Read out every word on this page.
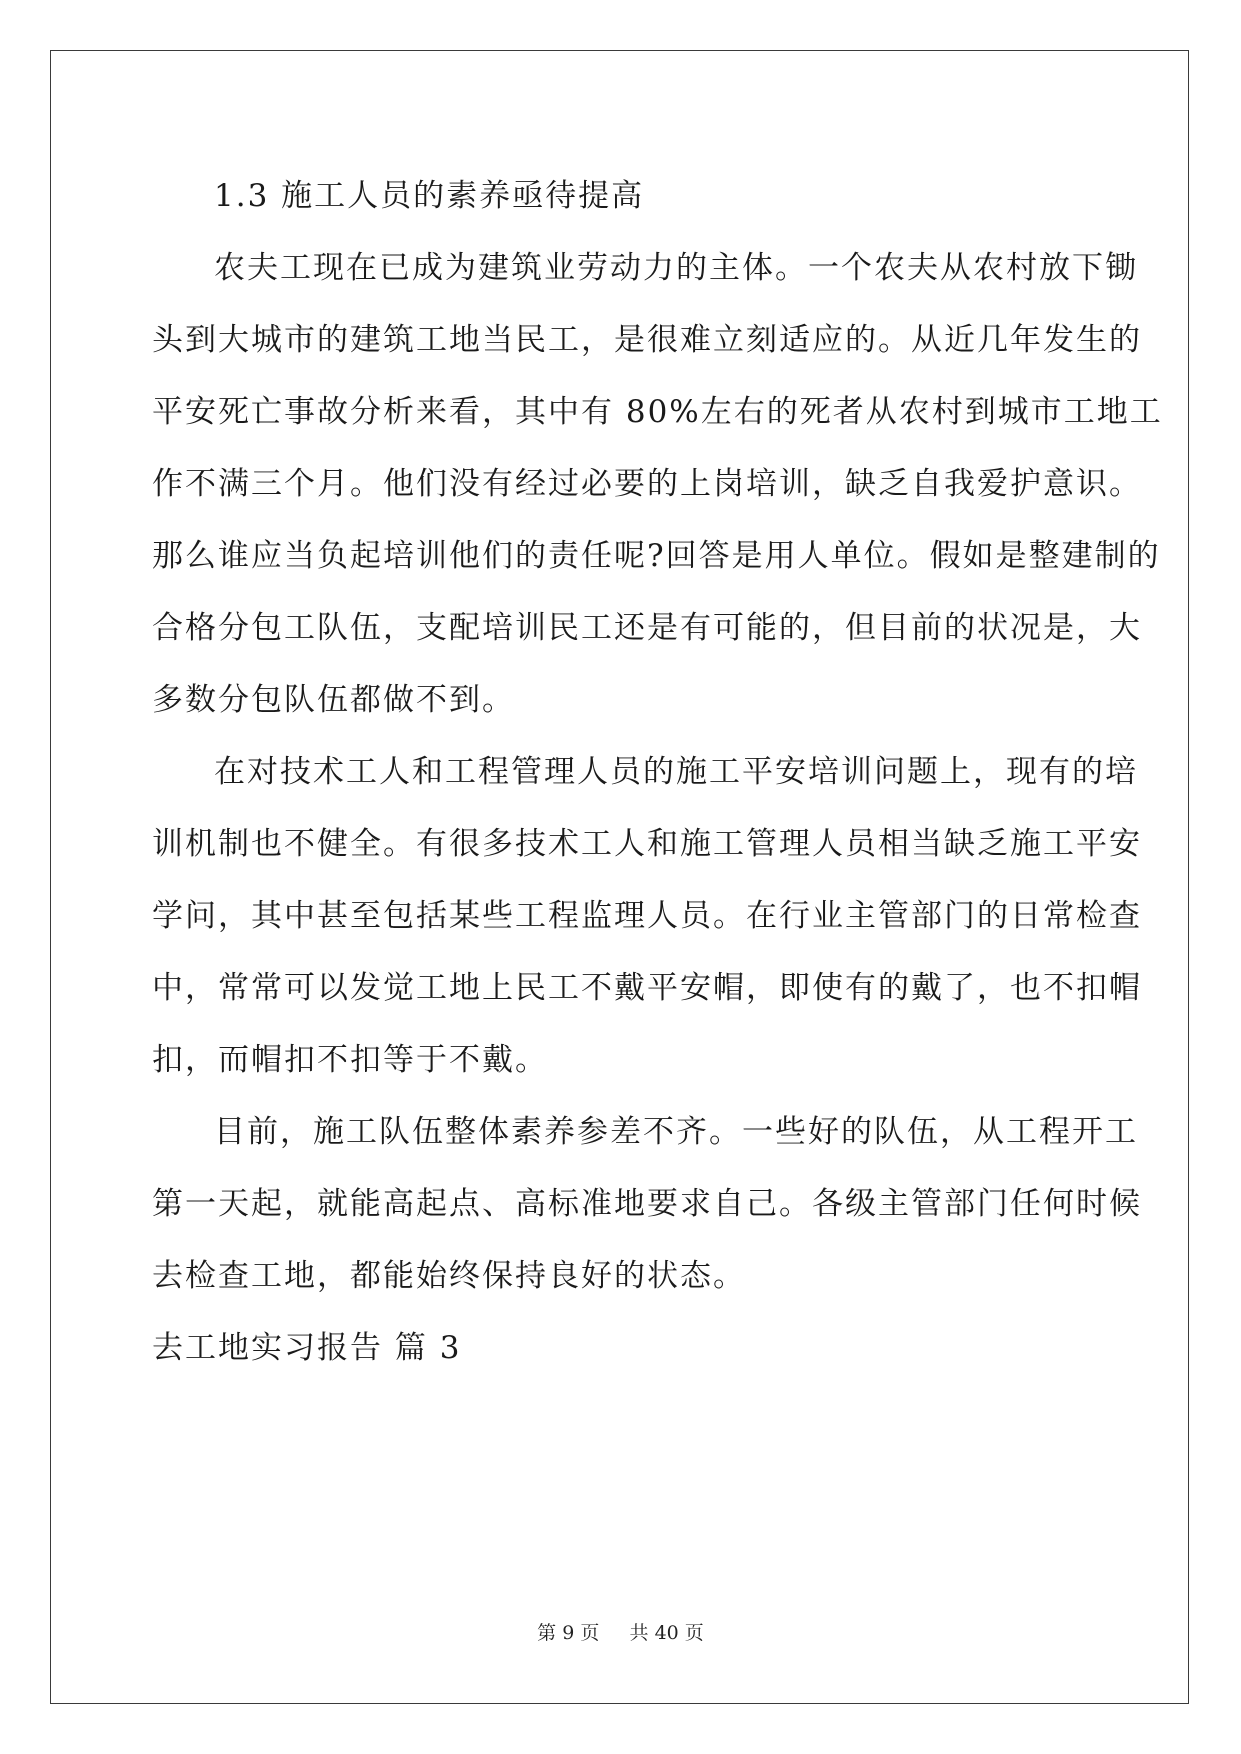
1.3 施工人员的素养亟待提高
农夫工现在已成为建筑业劳动力的主体。一个农夫从农村放下锄
头到大城市的建筑工地当民工，是很难立刻适应的。从近几年发生的
平安死亡事故分析来看，其中有 80%左右的死者从农村到城市工地工
作不满三个月。他们没有经过必要的上岗培训，缺乏自我爱护意识。
那么谁应当负起培训他们的责任呢?回答是用人单位。假如是整建制的
合格分包工队伍，支配培训民工还是有可能的，但目前的状况是，大
多数分包队伍都做不到。
在对技术工人和工程管理人员的施工平安培训问题上，现有的培
训机制也不健全。有很多技术工人和施工管理人员相当缺乏施工平安
学问，其中甚至包括某些工程监理人员。在行业主管部门的日常检查
中，常常可以发觉工地上民工不戴平安帽，即使有的戴了，也不扣帽
扣，而帽扣不扣等于不戴。
目前，施工队伍整体素养参差不齐。一些好的队伍，从工程开工
第一天起，就能高起点、高标准地要求自己。各级主管部门任何时候
去检查工地，都能始终保持良好的状态。
去工地实习报告 篇 3
第 9 页 共 40 页
